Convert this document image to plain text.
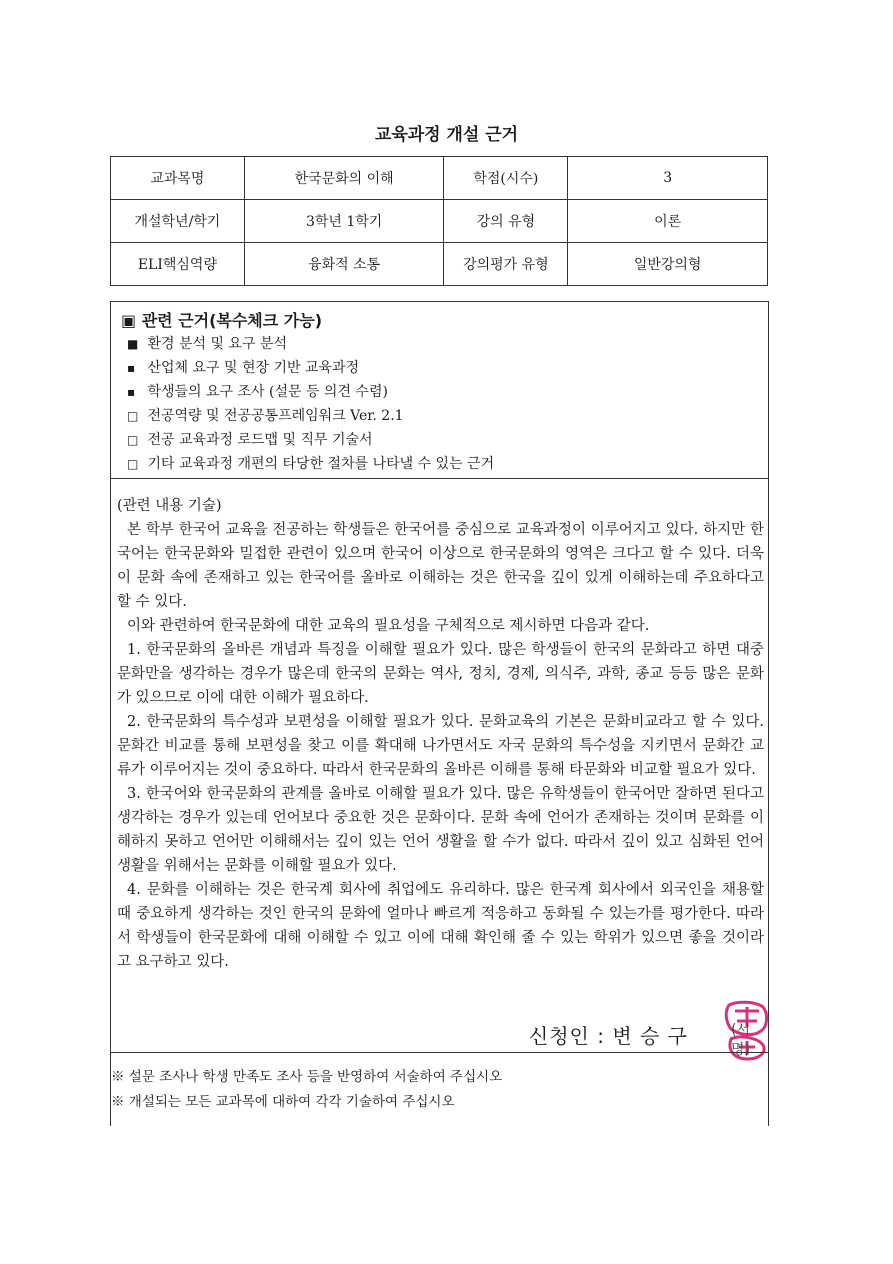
교육과정 개설 근거
교과목명	한국문화의 이해	학점(시수)	3
개설학년/학기	3학년 1학기	강의 유형	이론
ELI핵심역량	융화적 소통	강의평가 유형	일반강의형
▣ 관련 근거(복수체크 가능)
■ 환경 분석 및 요구 분석
▪ 산업체 요구 및 현장 기반 교육과정
▪ 학생들의 요구 조사 (설문 등 의견 수렴)
□ 전공역량 및 전공공통프레임워크 Ver. 2.1
□ 전공 교육과정 로드맵 및 직무 기술서
□ 기타 교육과정 개편의 타당한 절차를 나타낼 수 있는 근거

(관련 내용 기술)

본 학부 한국어 교육을 전공하는 학생들은 한국어를 중심으로 교육과정이 이루어지고 있다. 하지만 한국어는 한국문화와 밀접한 관련이 있으며 한국어 이상으로 한국문화의 영역은 크다고 할 수 있다. 더욱이 문화 속에 존재하고 있는 한국어를 올바로 이해하는 것은 한국을 깊이 있게 이해하는데 주요하다고 할 수 있다.

이와 관련하여 한국문화에 대한 교육의 필요성을 구체적으로 제시하면 다음과 같다.

1. 한국문화의 올바른 개념과 특징을 이해할 필요가 있다. 많은 학생들이 한국의 문화라고 하면 대중문화만을 생각하는 경우가 많은데 한국의 문화는 역사, 정치, 경제, 의식주, 과학, 종교 등등 많은 문화가 있으므로 이에 대한 이해가 필요하다.

2. 한국문화의 특수성과 보편성을 이해할 필요가 있다. 문화교육의 기본은 문화비교라고 할 수 있다. 문화간 비교를 통해 보편성을 찾고 이를 확대해 나가면서도 자국 문화의 특수성을 지키면서 문화간 교류가 이루어지는 것이 중요하다. 따라서 한국문화의 올바른 이해를 통해 타문화와 비교할 필요가 있다.

3. 한국어와 한국문화의 관계를 올바로 이해할 필요가 있다. 많은 유학생들이 한국어만 잘하면 된다고 생각하는 경우가 있는데 언어보다 중요한 것은 문화이다. 문화 속에 언어가 존재하는 것이며 문화를 이해하지 못하고 언어만 이해해서는 깊이 있는 언어 생활을 할 수가 없다. 따라서 깊이 있고 심화된 언어 생활을 위해서는 문화를 이해할 필요가 있다.

4. 문화를 이해하는 것은 한국계 회사에 취업에도 유리하다. 많은 한국계 회사에서 외국인을 채용할 때 중요하게 생각하는 것인 한국의 문화에 얼마나 빠르게 적응하고 동화될 수 있는가를 평가한다. 따라서 학생들이 한국문화에 대해 이해할 수 있고 이에 대해 확인해 줄 수 있는 학위가 있으면 좋을 것이라고 요구하고 있다.

신청인 : 변 승 구	(서명)
※ 설문 조사나 학생 만족도 조사 등을 반영하여 서술하여 주십시오
※ 개설되는 모든 교과목에 대하여 각각 기술하여 주십시오
